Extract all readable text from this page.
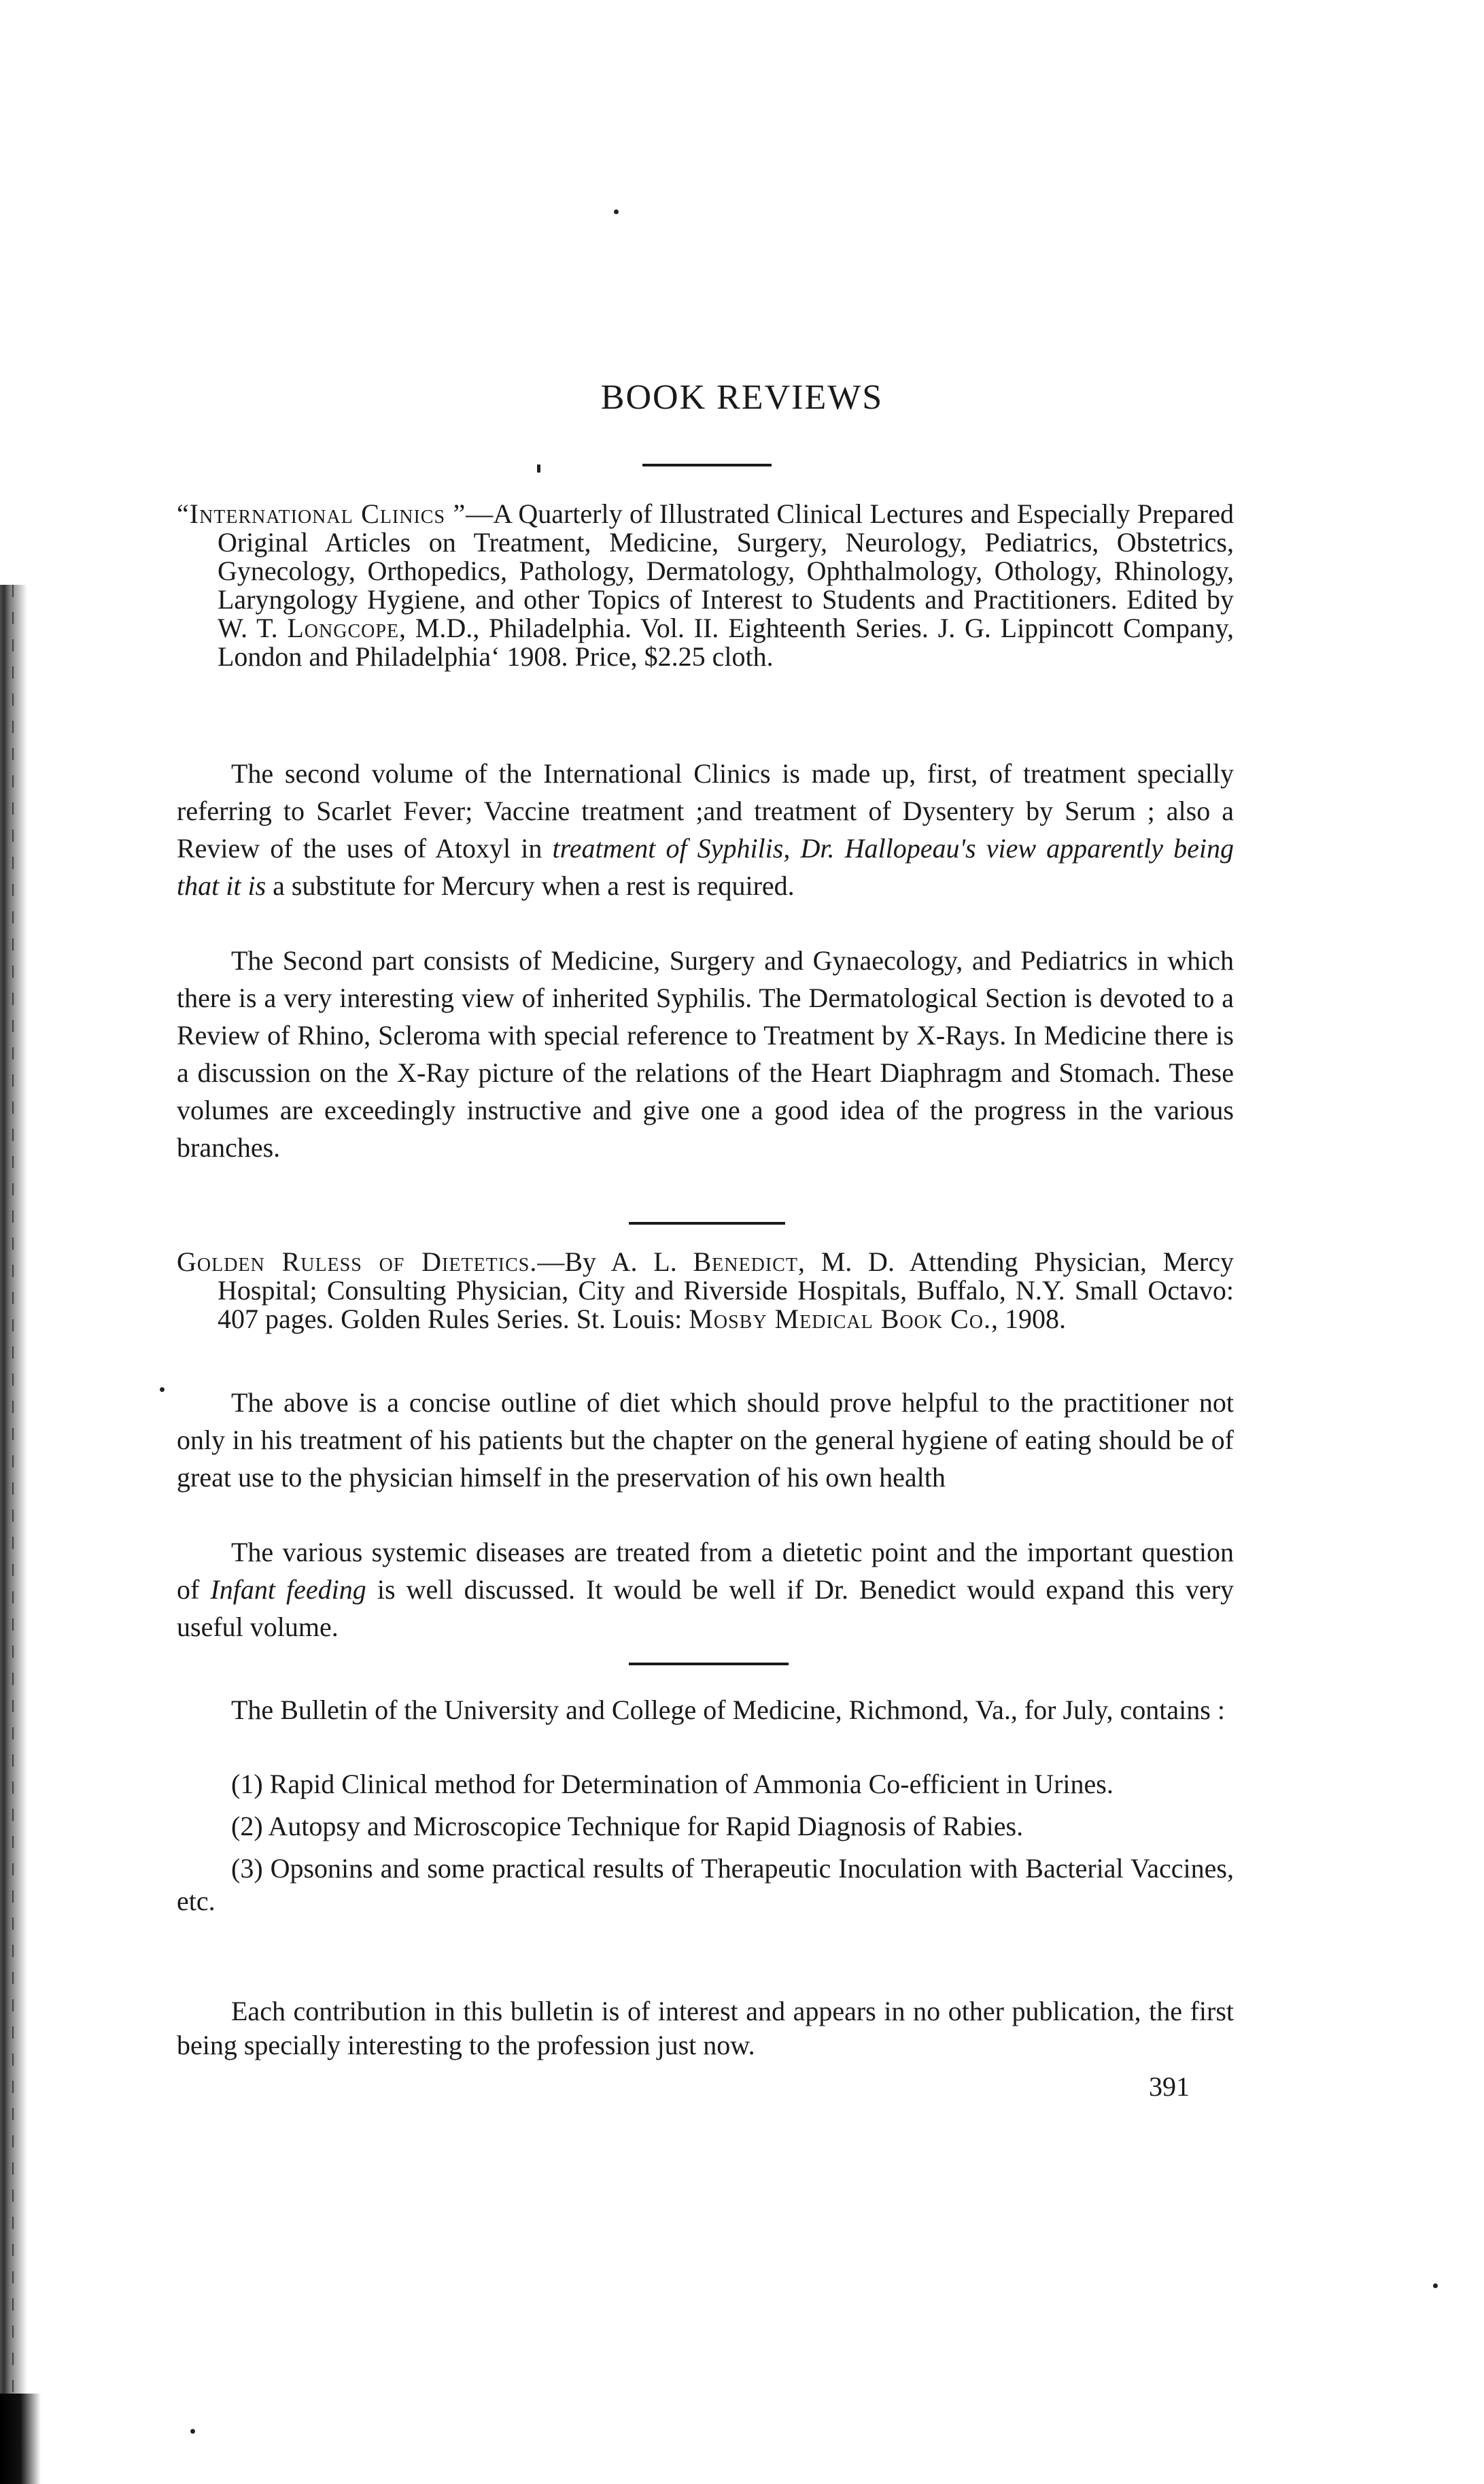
BOOK REVIEWS
“International Clinics ”—A Quarterly of Illustrated Clinical Lectures and Especially Prepared Original Articles on Treatment, Medicine, Surgery, Neurology, Pediatrics, Obstetrics, Gynecology, Orthopedics, Pathology, Dermatology, Ophthalmology, Othology, Rhinology, Laryngology Hygiene, and other Topics of Interest to Students and Practitioners. Edited by W. T. Longcope, M.D., Philadelphia. Vol. II. Eighteenth Series. J. G. Lippincott Company, London and Philadelphia‘ 1908. Price, $2.25 cloth.
The second volume of the International Clinics is made up, first, of treatment specially referring to Scarlet Fever; Vaccine treatment ;and treatment of Dysentery by Serum ; also a Review of the uses of Atoxyl in treatment of Syphilis, Dr. Hallopeau's view apparently being that it is a substitute for Mercury when a rest is required.
The Second part consists of Medicine, Surgery and Gynaecology, and Pediatrics in which there is a very interesting view of inherited Syphilis. The Dermatological Section is devoted to a Review of Rhino, Scleroma with special reference to Treatment by X-Rays. In Medicine there is a discussion on the X-Ray picture of the relations of the Heart Diaphragm and Stomach. These volumes are exceedingly instructive and give one a good idea of the progress in the various branches.
Golden Ruless of Dietetics.—By A. L. Benedict, M. D. Attending Physician, Mercy Hospital; Consulting Physician, City and Riverside Hospitals, Buffalo, N.Y. Small Octavo: 407 pages. Golden Rules Series. St. Louis: Mosby Medical Book Co., 1908.
The above is a concise outline of diet which should prove helpful to the practitioner not only in his treatment of his patients but the chapter on the general hygiene of eating should be of great use to the physician himself in the preservation of his own health
The various systemic diseases are treated from a dietetic point and the important question of Infant feeding is well discussed. It would be well if Dr. Benedict would expand this very useful volume.
The Bulletin of the University and College of Medicine, Richmond, Va., for July, contains :

(1) Rapid Clinical method for Determination of Ammonia Co-efficient in Urines.

(2) Autopsy and Microscopice Technique for Rapid Diagnosis of Rabies.

(3) Opsonins and some practical results of Therapeutic Inoculation with Bacterial Vaccines, etc.

Each contribution in this bulletin is of interest and appears in no other publication, the first being specially interesting to the profession just now.
391
